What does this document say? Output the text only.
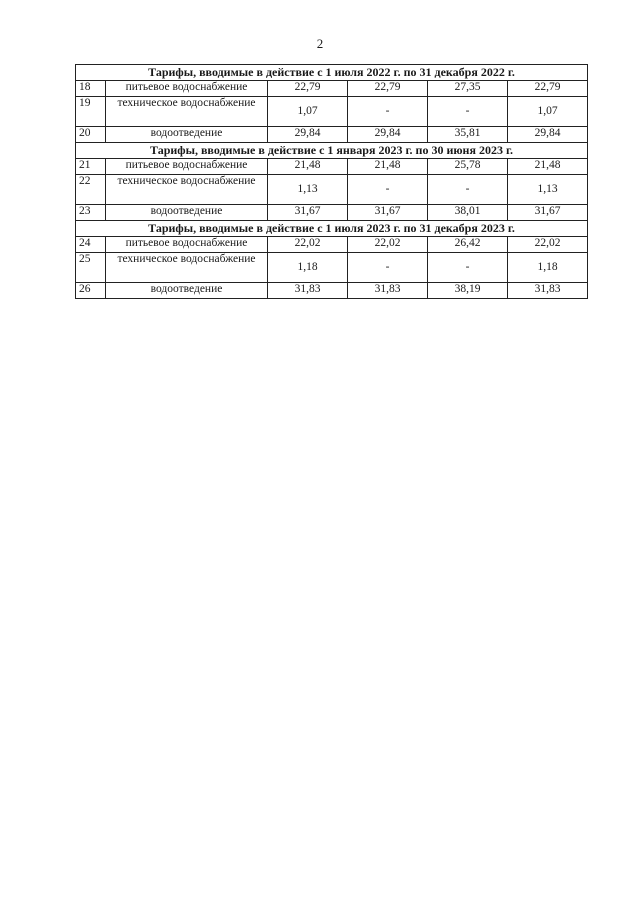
2
Тарифы, вводимые в действие с 1 июля 2022 г. по 31 декабря 2022 г.					
18	питьевое водоснабжение	22,79	22,79	27,35	22,79
19	техническое водоснабжение	1,07	-	-	1,07
20	водоотведение	29,84	29,84	35,81	29,84
Тарифы, вводимые в действие с 1 января 2023 г. по 30 июня 2023 г.					
21	питьевое водоснабжение	21,48	21,48	25,78	21,48
22	техническое водоснабжение	1,13	-	-	1,13
23	водоотведение	31,67	31,67	38,01	31,67
Тарифы, вводимые в действие с 1 июля 2023 г. по 31 декабря 2023 г.					
24	питьевое водоснабжение	22,02	22,02	26,42	22,02
25	техническое водоснабжение	1,18	-	-	1,18
26	водоотведение	31,83	31,83	38,19	31,83
